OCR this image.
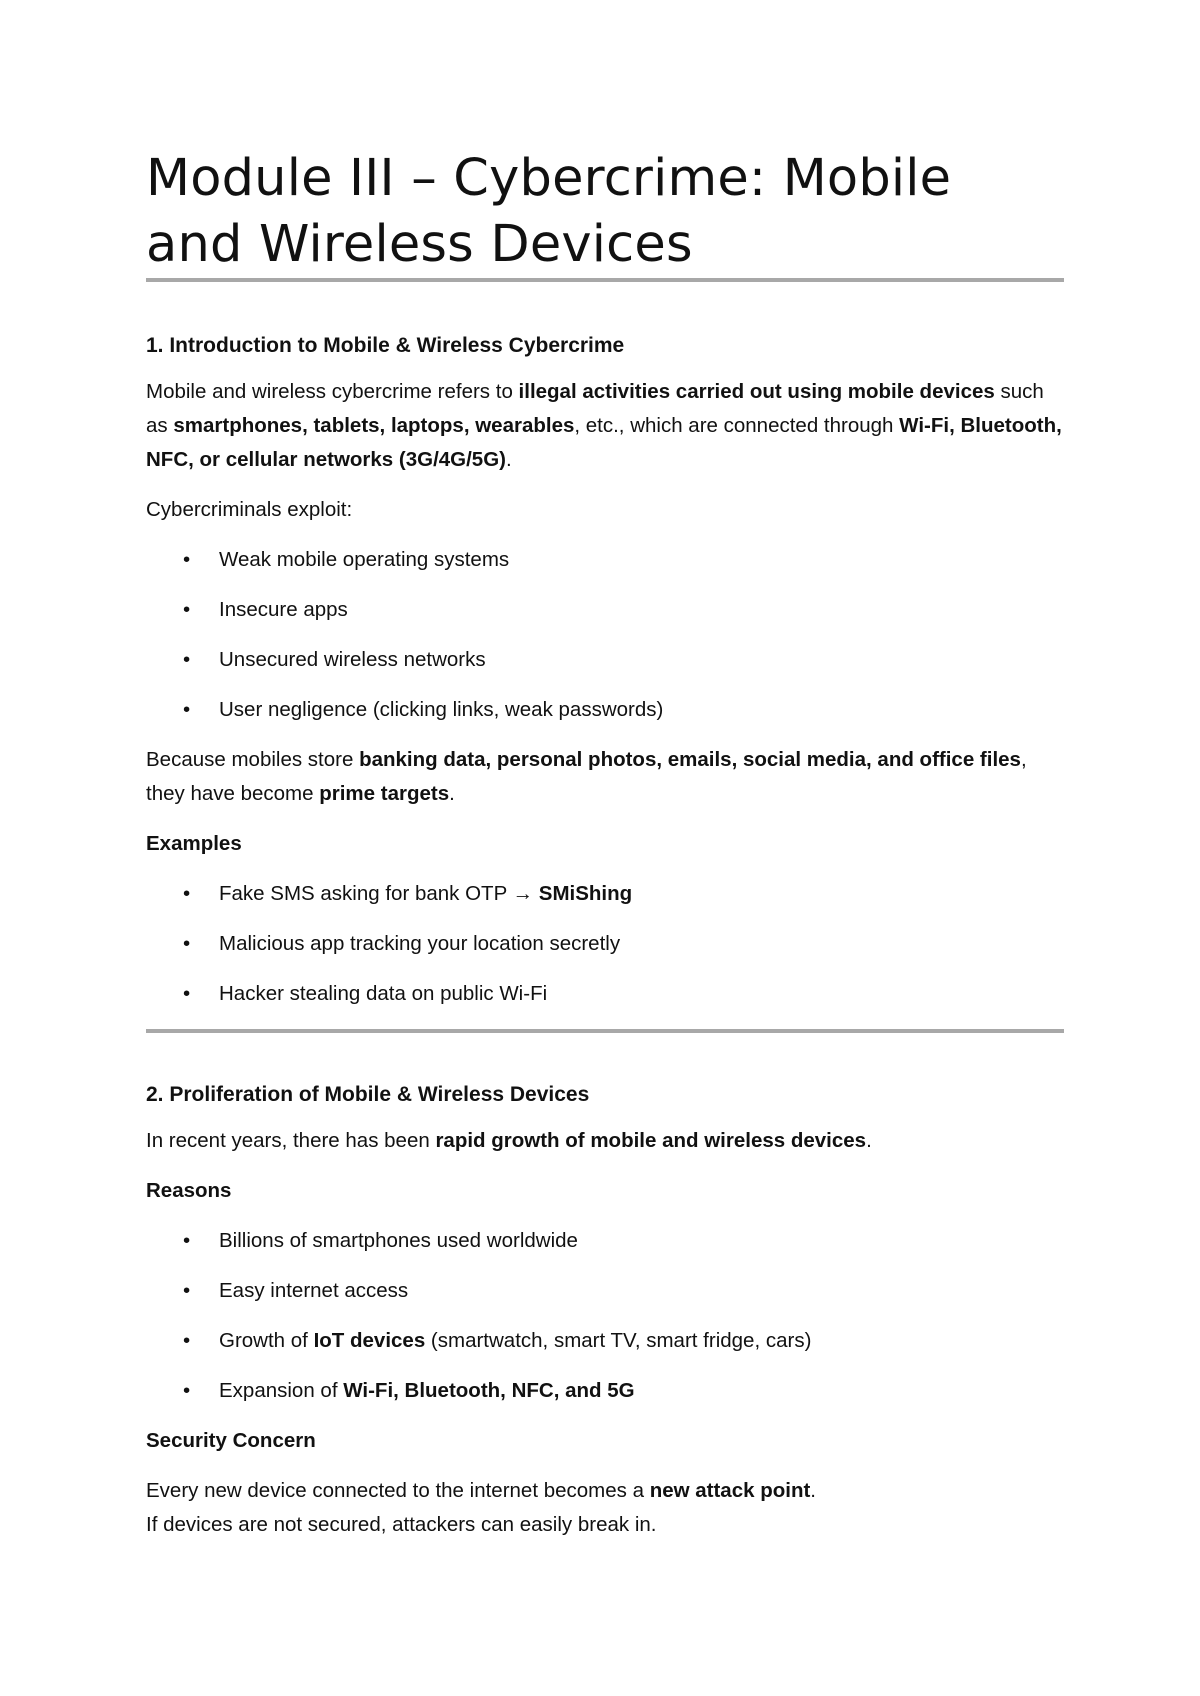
Module III – Cybercrime: Mobile and Wireless Devices
1. Introduction to Mobile & Wireless Cybercrime

Mobile and wireless cybercrime refers to illegal activities carried out using mobile devices such as smartphones, tablets, laptops, wearables, etc., which are connected through Wi-Fi, Bluetooth, NFC, or cellular networks (3G/4G/5G).

Cybercriminals exploit:

• Weak mobile operating systems
• Insecure apps
• Unsecured wireless networks
• User negligence (clicking links, weak passwords)

Because mobiles store banking data, personal photos, emails, social media, and office files, they have become prime targets.

Examples
• Fake SMS asking for bank OTP → SMiShing
• Malicious app tracking your location secretly
• Hacker stealing data on public Wi-Fi
2. Proliferation of Mobile & Wireless Devices

In recent years, there has been rapid growth of mobile and wireless devices.

Reasons
• Billions of smartphones used worldwide
• Easy internet access
• Growth of IoT devices (smartwatch, smart TV, smart fridge, cars)
• Expansion of Wi-Fi, Bluetooth, NFC, and 5G
Security Concern

Every new device connected to the internet becomes a new attack point.
If devices are not secured, attackers can easily break in.
